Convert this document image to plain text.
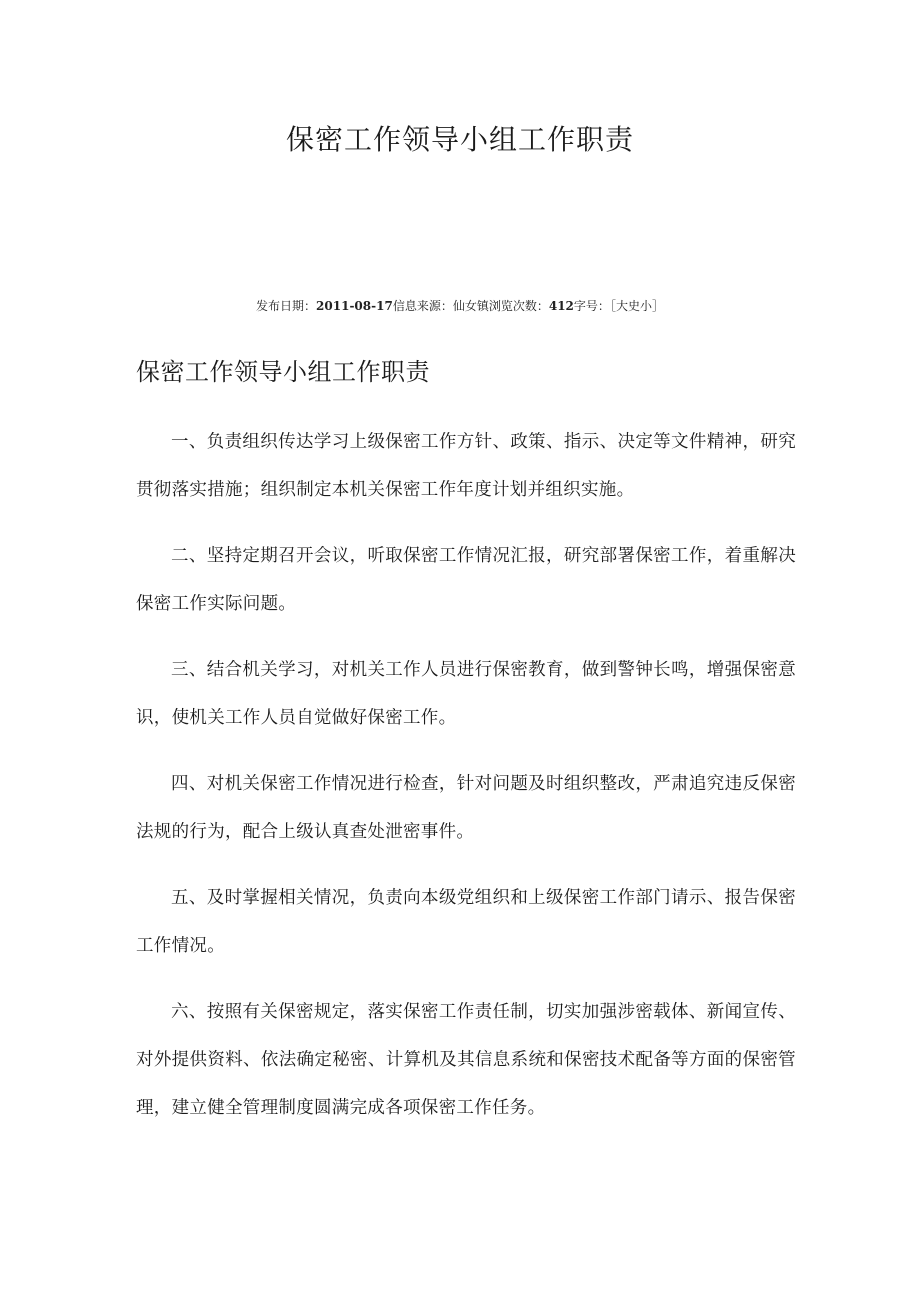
保密工作领导小组工作职责
发布日期：2011-08-17信息来源：仙女镇浏览次数：412字号：［大史小］
保密工作领导小组工作职责

一、负责组织传达学习上级保密工作方针、政策、指示、决定等文件精神，研究贯彻落实措施；组织制定本机关保密工作年度计划并组织实施。

二、坚持定期召开会议，听取保密工作情况汇报，研究部署保密工作，着重解决保密工作实际问题。

三、结合机关学习，对机关工作人员进行保密教育，做到警钟长鸣，增强保密意识，使机关工作人员自觉做好保密工作。

四、对机关保密工作情况进行检查，针对问题及时组织整改，严肃追究违反保密法规的行为，配合上级认真查处泄密事件。

五、及时掌握相关情况，负责向本级党组织和上级保密工作部门请示、报告保密工作情况。

六、按照有关保密规定，落实保密工作责任制，切实加强涉密载体、新闻宣传、对外提供资料、依法确定秘密、计算机及其信息系统和保密技术配备等方面的保密管理，建立健全管理制度圆满完成各项保密工作任务。
